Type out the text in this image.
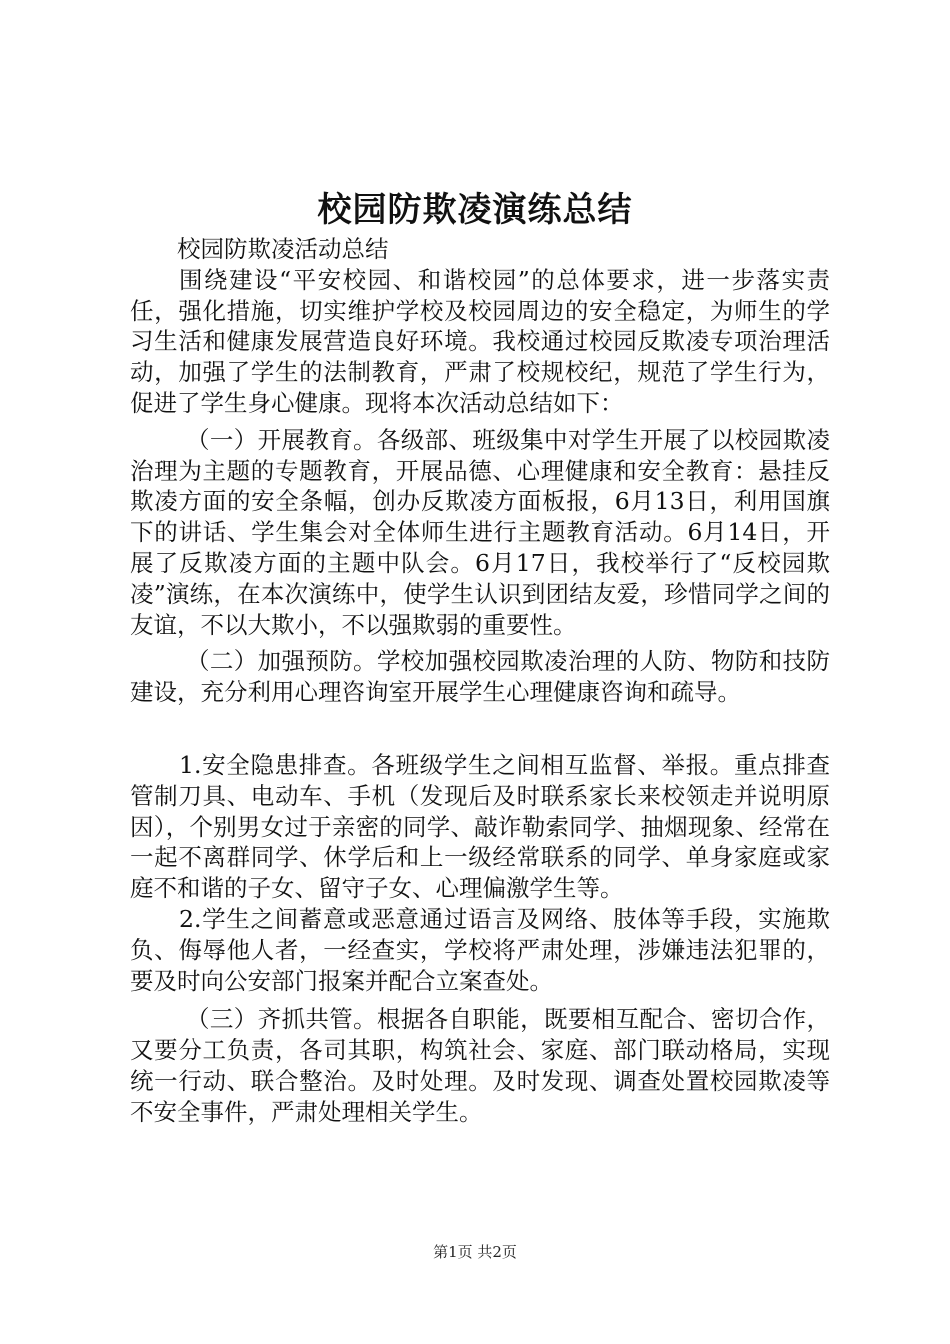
校园防欺凌演练总结

校园防欺凌活动总结

围绕建设“平安校园、和谐校园”的总体要求，进一步落实责任，强化措施，切实维护学校及校园周边的安全稳定，为师生的学习生活和健康发展营造良好环境。我校通过校园反欺凌专项治理活动，加强了学生的法制教育，严肃了校规校纪，规范了学生行为，促进了学生身心健康。现将本次活动总结如下：

（一）开展教育。各级部、班级集中对学生开展了以校园欺凌治理为主题的专题教育，开展品德、心理健康和安全教育：悬挂反欺凌方面的安全条幅，创办反欺凌方面板报，6月13日，利用国旗下的讲话、学生集会对全体师生进行主题教育活动。6月14日，开展了反欺凌方面的主题中队会。6月17日，我校举行了“反校园欺凌”演练，在本次演练中，使学生认识到团结友爱，珍惜同学之间的友谊，不以大欺小，不以强欺弱的重要性。

（二）加强预防。学校加强校园欺凌治理的人防、物防和技防建设，充分利用心理咨询室开展学生心理健康咨询和疏导。

1.安全隐患排查。各班级学生之间相互监督、举报。重点排查管制刀具、电动车、手机（发现后及时联系家长来校领走并说明原因），个别男女过于亲密的同学、敲诈勒索同学、抽烟现象、经常在一起不离群同学、休学后和上一级经常联系的同学、单身家庭或家庭不和谐的子女、留守子女、心理偏激学生等。

2.学生之间蓄意或恶意通过语言及网络、肢体等手段，实施欺负、侮辱他人者，一经查实，学校将严肃处理，涉嫌违法犯罪的，要及时向公安部门报案并配合立案查处。

（三）齐抓共管。根据各自职能，既要相互配合、密切合作，又要分工负责，各司其职，构筑社会、家庭、部门联动格局，实现统一行动、联合整治。及时处理。及时发现、调查处置校园欺凌等不安全事件，严肃处理相关学生。

第1页 共2页
